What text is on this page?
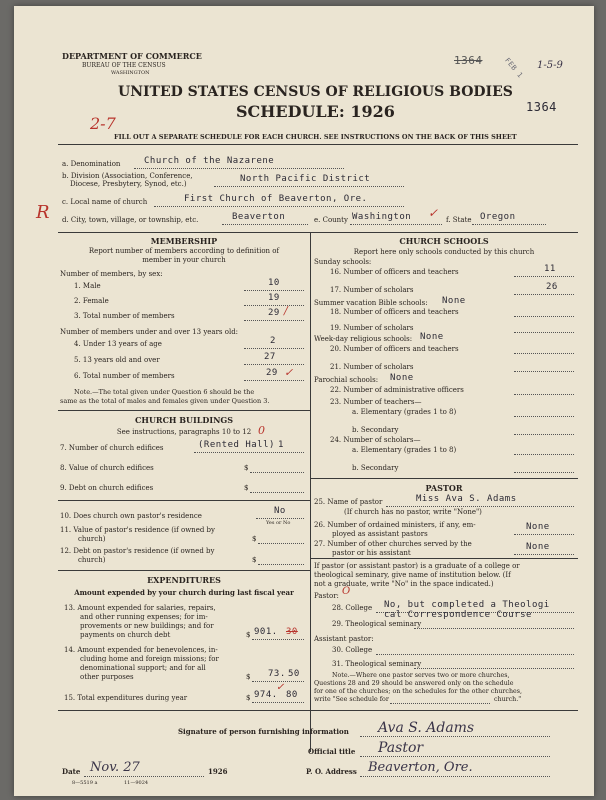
DEPARTMENT OF COMMERCE
BUREAU OF THE CENSUS
WASHINGTON
UNITED STATES CENSUS OF RELIGIOUS BODIES
SCHEDULE: 1926
1364	FEB 1 1-5-9
1364
2-7
FILL OUT A SEPARATE SCHEDULE FOR EACH CHURCH. SEE INSTRUCTIONS ON THE BACK OF THIS SHEET
a. Denomination	Church of the Nazarene
b. Division (Association, Conference,
Diocese, Presbytery, Synod, etc.)	North Pacific District
c. Local name of church	First Church of Beaverton, Ore.
R d. City, town, village, or township, etc.	Beaverton	e. County Washington ✓ f. State Oregon
MEMBERSHIP
Report number of members according to definition of
member in your church
Number of members, by sex:
1. Male	10
2. Female	19
3. Total number of members	29 /
Number of members under and over 13 years old:
4. Under 13 years of age	2
5. 13 years old and over	27
6. Total number of members	29 ✓
Note.—The total given under Question 6 should be the
same as the total of males and females given under Question 3.
CHURCH BUILDINGS
See instructions, paragraphs 10 to 12 0
7. Number of church edifices	(Rented Hall) 1
8. Value of church edifices	$
9. Debt on church edifices	$
10. Does church own pastor's residence	No
Yes or No
11. Value of pastor's residence (if owned by
church)	$
12. Debt on pastor's residence (if owned by
church)	$
EXPENDITURES
Amount expended by your church during last fiscal year
13. Amount expended for salaries, repairs,
and other running expenses; for im-
provements or new buildings; and for
payments on church debt	$ 901. 30
14. Amount expended for benevolences, in-
cluding home and foreign missions; for
denominational support; and for all
other purposes	$ 73. 50
15. Total expenditures during year	$ 974. 80
✓
CHURCH SCHOOLS
Report here only schools conducted by this church
Sunday schools:
16. Number of officers and teachers	11
17. Number of scholars	26
Summer vacation Bible schools: None
18. Number of officers and teachers
19. Number of scholars
Week-day religious schools: None
20. Number of officers and teachers
21. Number of scholars
Parochial schools: None
22. Number of administrative officers
23. Number of teachers—
a. Elementary (grades 1 to 8)
b. Secondary
24. Number of scholars—
a. Elementary (grades 1 to 8)
b. Secondary
PASTOR
25. Name of pastor	Miss Ava S. Adams
(If church has no pastor, write "None")
26. Number of ordained ministers, if any, em-
ployed as assistant pastors
None
27. Number of other churches served by the
pastor or his assistant
None
If pastor (or assistant pastor) is a graduate of a college or
theological seminary, give name of institution below. (If
not a graduate, write "No" in the space indicated.)
Pastor: O
28. College No, but completed a Theologi
cal Correspondence Course
29. Theological seminary
Assistant pastor:
30. College
31. Theological seminary
Note.—Where one pastor serves two or more churches,
Questions 28 and 29 should be answered only on the schedule
for one of the churches; on the schedules for the other churches,
write "See schedule for	church."
Signature of person furnishing information Ava S. Adams
Official title Pastor
Date Nov. 27	1926	P. O. Address Beaverton, Ore.
8—5519 a	11—9024
